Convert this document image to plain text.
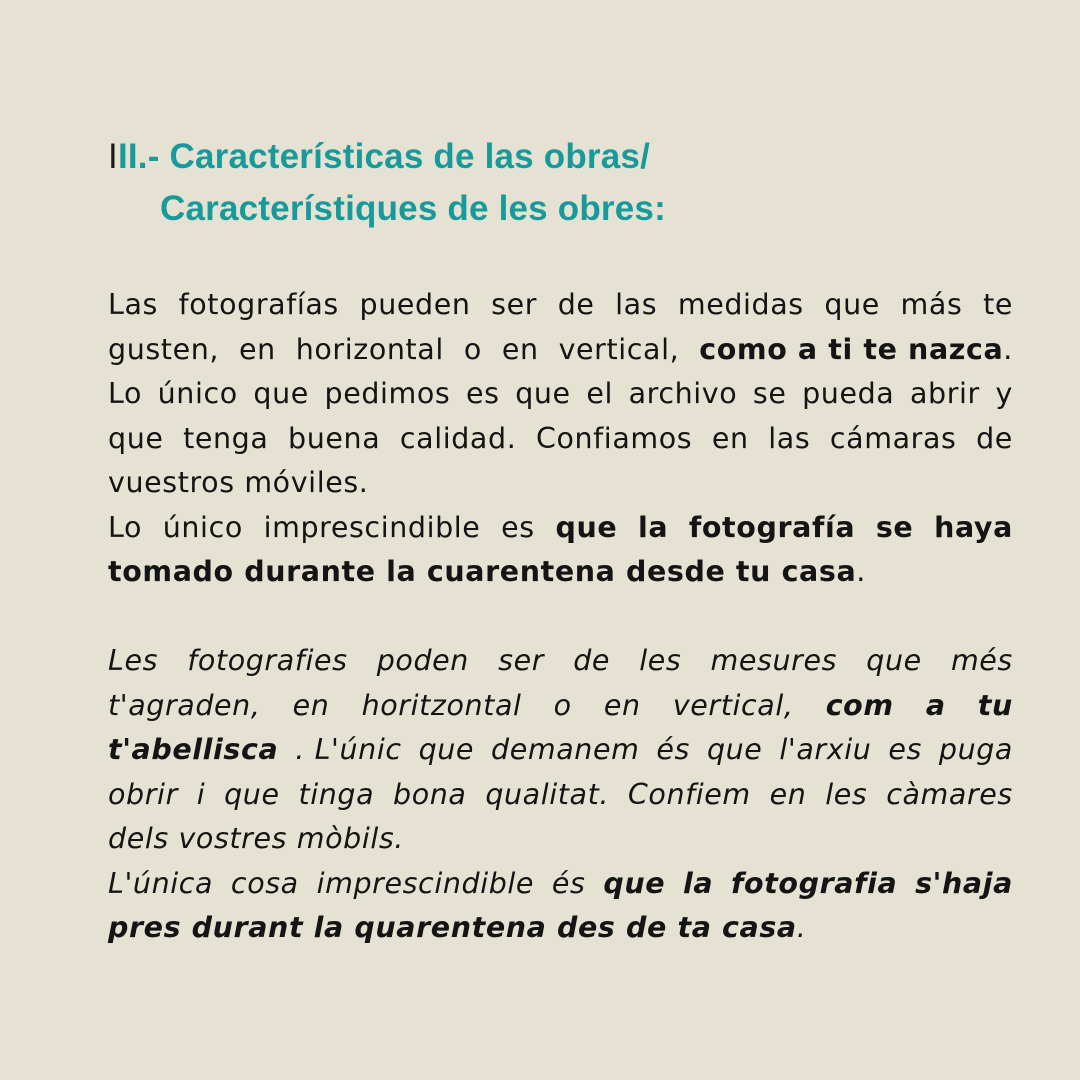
III.- Características de las obras/
Característiques de les obres:
Las fotografías pueden ser de las medidas que más te
gusten, en horizontal o en vertical, como a ti te nazca.
Lo único que pedimos es que el archivo se pueda abrir y
que tenga buena calidad. Confiamos en las cámaras de
vuestros móviles.
Lo único imprescindible es que la fotografía se haya
tomado durante la cuarentena desde tu casa.
Les fotografies poden ser de les mesures que més
t'agraden, en horitzontal o en vertical, com a tu
t'abellisca . L'únic que demanem és que l'arxiu es puga
obrir i que tinga bona qualitat. Confiem en les càmares
dels vostres mòbils.
L'única cosa imprescindible és que la fotografia s'haja
pres durant la quarentena des de ta casa.
